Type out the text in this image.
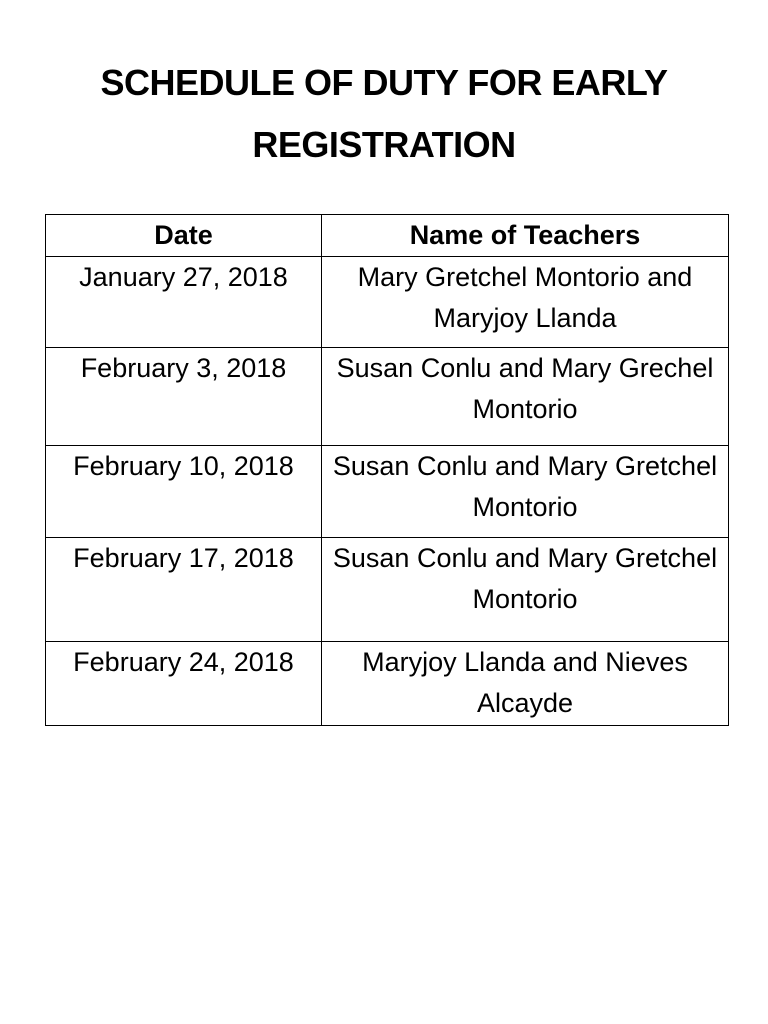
SCHEDULE OF DUTY FOR EARLY REGISTRATION
Date	Name of Teachers
January 27, 2018	Mary Gretchel Montorio and Maryjoy Llanda
February 3, 2018	Susan Conlu and Mary Grechel Montorio
February 10, 2018	Susan Conlu and Mary Gretchel Montorio
February 17, 2018	Susan Conlu and Mary Gretchel Montorio
February 24, 2018	Maryjoy Llanda and Nieves Alcayde
